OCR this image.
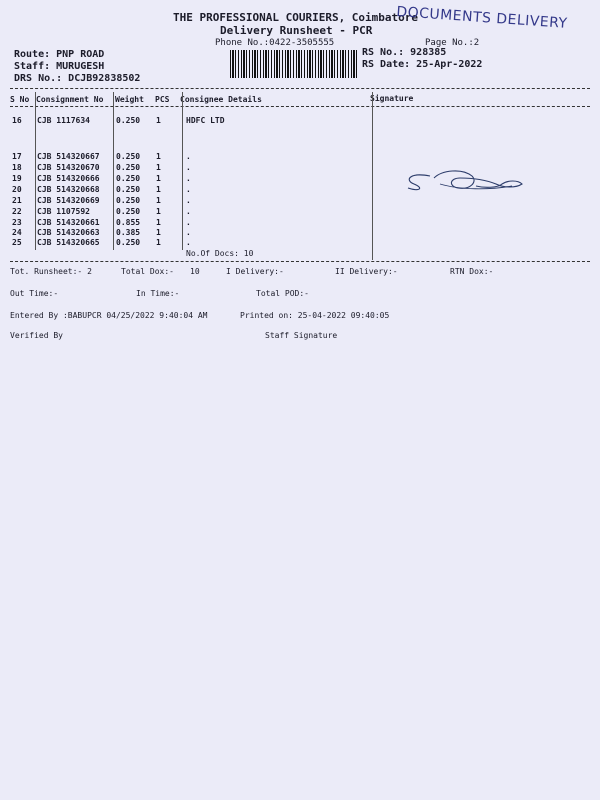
THE PROFESSIONAL COURIERS, Coimbatore
DOCUMENTS DELIVERY
Delivery Runsheet - PCR
Phone No.:0422-3505555	Page No.:2
Route: PNP ROAD
Staff: MURUGESH
DRS No.: DCJB92838502
RS No.: 928385
RS Date: 25-Apr-2022
S No Consignment No Weight PCS Consignee Details	Signature
16 CJB 1117634	0.250 1	HDFC LTD
17 CJB 514320667 0.250 1	.
18 CJB 514320670 0.250 1	.
19 CJB 514320666 0.250 1	.
20 CJB 514320668 0.250 1	.
21 CJB 514320669 0.250 1	.
22 CJB 1107592	0.250 1	.
23 CJB 514320661 0.855 1	.
24 CJB 514320663 0.385 1	.
25 CJB 514320665 0.250 1	.
No.Of Docs: 10
Tot. Runsheet:- 2	Total Dox:- 10	I Delivery:-	II Delivery:-	RTN Dox:-
Out Time:-	In Time:-	Total POD:-
Entered By :BABUPCR 04/25/2022 9:40:04 AM	Printed on: 25-04-2022 09:40:05
Verified By	Staff Signature
